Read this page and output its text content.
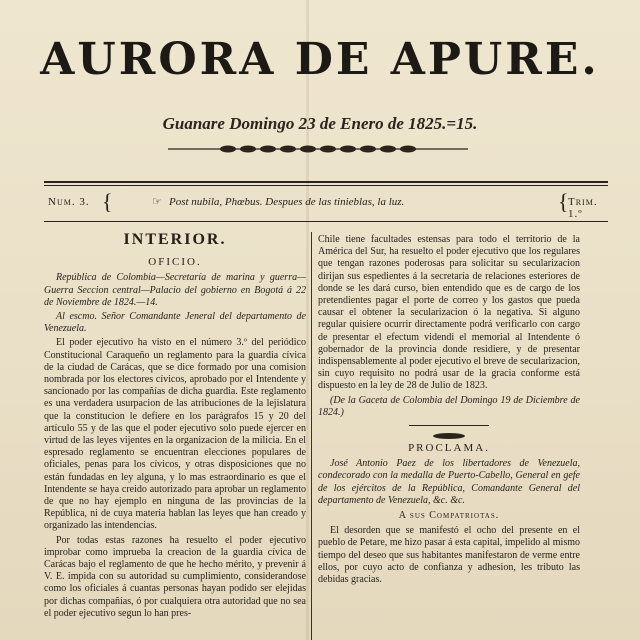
AURORA DE APURE.
Guanare Domingo 23 de Enero de 1825.=15.
Num. 3. {	☞ Post nubila, Phœbus. Despues de las tinieblas, la luz.	{ Trim. 1.º
INTERIOR.
OFICIO.

República de Colombia—Secretaría de marina y guerra—Guerra Seccion central—Palacio del gobierno en Bogotá á 22 de Noviembre de 1824.—14.

Al escmo. Señor Comandante Jeneral del departamento de Venezuela.

El poder ejecutivo ha visto en el número 3.º del periódico Constitucional Caraqueño un reglamento para la guardia cívica de la ciudad de Carácas, que se dice formado por una comision nombrada por los electores cívicos, aprobado por el Intendente y sancionado por las compañías de dicha guardia. Este reglamento es una verdadera usurpacion de las atribuciones de la lejislatura que la constitucion le defiere en los parágrafos 15 y 20 del artículo 55 y de las que el poder ejecutivo solo puede ejercer en virtud de las leyes vijentes en la organizacion de la milicia. En el espresado reglamento se encuentran elecciones populares de oficiales, penas para los cívicos, y otras disposiciones que no están fundadas en ley alguna, y lo mas estraordinario es que el Intendente se haya creido autorizado para aprobar un reglamento de que no hay ejemplo en ninguna de las provincias de la República, ni de cuya materia hablan las leyes que han creado y organizado las intendencias.

Por todas estas razones ha resuelto el poder ejecutivo improbar como imprueba la creacion de la guardia cívica de Carácas bajo el reglamento de que he hecho mérito, y prevenir á V. E. impida con su autoridad su cumplimiento, considerandose como los oficiales á cuantas personas hayan podido ser elejidas por dichas compañías, ó por cualquiera otra autoridad que no sea el poder ejecutivo segun lo han pres-

Chile tiene facultades estensas para todo el territorio de la América del Sur, ha resuelto el poder ejecutivo que los regulares que tengan razones poderosas para solicitar su secularizacion dirijan sus espedientes á la secretaría de relaciones esteriores de donde se les dará curso, bien entendido que es de cargo de los pretendientes pagar el porte de correo y los gastos que pueda causar el obtener la secularizacion ó la negativa. Si alguno regular quisiere ocurrir directamente podrá verificarlo con cargo de presentar el efectum videndi el memorial al Intendente ó gobernador de la provincia donde residiere, y de presentar indispensablemente al poder ejecutivo el breve de secularizacion, sin cuyo requisito no podrá usar de la gracia conforme está dispuesto en la ley de 28 de Julio de 1823.

(De la Gaceta de Colombia del Domingo 19 de Diciembre de 1824.)

PROCLAMA.

José Antonio Paez de los libertadores de Venezuela, condecorado con la medalla de Puerto-Cabello, General en gefe de los ejércitos de la República, Comandante General del departamento de Venezuela, &c. &c.

A sus Compatriotas.

El desorden que se manifestó el ocho del presente en el pueblo de Petare, me hizo pasar á esta capital, impelido al mismo tiempo del deseo que sus habitantes manifestaron de verme entre ellos, por cuyo acto de confianza y adhesion, les tributo las debidas gracias.
